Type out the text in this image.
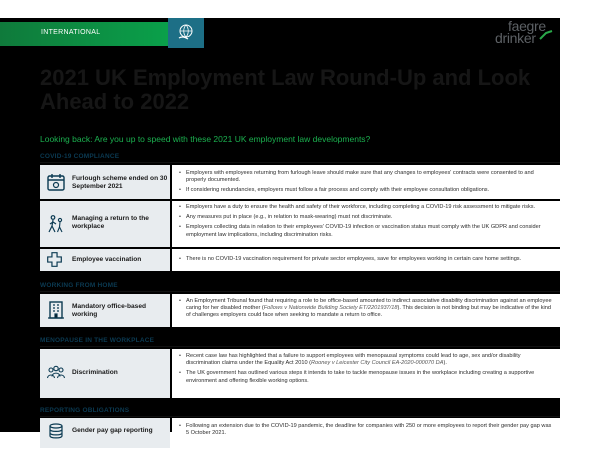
INTERNATIONAL	faegre
drinker
2021 UK Employment Law Round-Up and Look Ahead to 2022
Looking back: Are you up to speed with these 2021 UK employment law developments?
COVID-19 COMPLIANCE
Furlough scheme ended on 30 September 2021
• Employers with employees returning from furlough leave should make sure that any changes to employees' contracts were consented to and properly documented.
• If considering redundancies, employers must follow a fair process and comply with their employee consultation obligations.
Managing a return to the workplace
• Employers have a duty to ensure the health and safety of their workforce, including completing a COVID-19 risk assessment to mitigate risks.
• Any measures put in place (e.g., in relation to mask-wearing) must not discriminate.
• Employers collecting data in relation to their employees' COVID-19 infection or vaccination status must comply with the UK GDPR and consider employment law implications, including discrimination risks.
Employee vaccination
•	There is no COVID-19 vaccination requirement for private sector employees, save for employees working in certain care home settings.
WORKING FROM HOME
Mandatory office-based working
• An Employment Tribunal found that requiring a role to be office-based amounted to indirect associative disability discrimination against an employee caring for her disabled mother (Follows v Nationwide Building Society ET/2201937/18). This decision is not binding but may be indicative of the kind of challenges employers could face when seeking to mandate a return to office.
MENOPAUSE IN THE WORKPLACE
Discrimination
• Recent case law has highlighted that a failure to support employees with menopausal symptoms could lead to age, sex and/or disability discrimination claims under the Equality Act 2010 (Rooney v Leicester City Council EA-2020-000070 DA).
• The UK government has outlined various steps it intends to take to tackle menopause issues in the workplace including creating a supportive environment and offering flexible working options.
REPORTING OBLIGATIONS
Gender pay gap reporting
• Following an extension due to the COVID-19 pandemic, the deadline for companies with 250 or more employees to report their gender pay gap was 5 October 2021.
